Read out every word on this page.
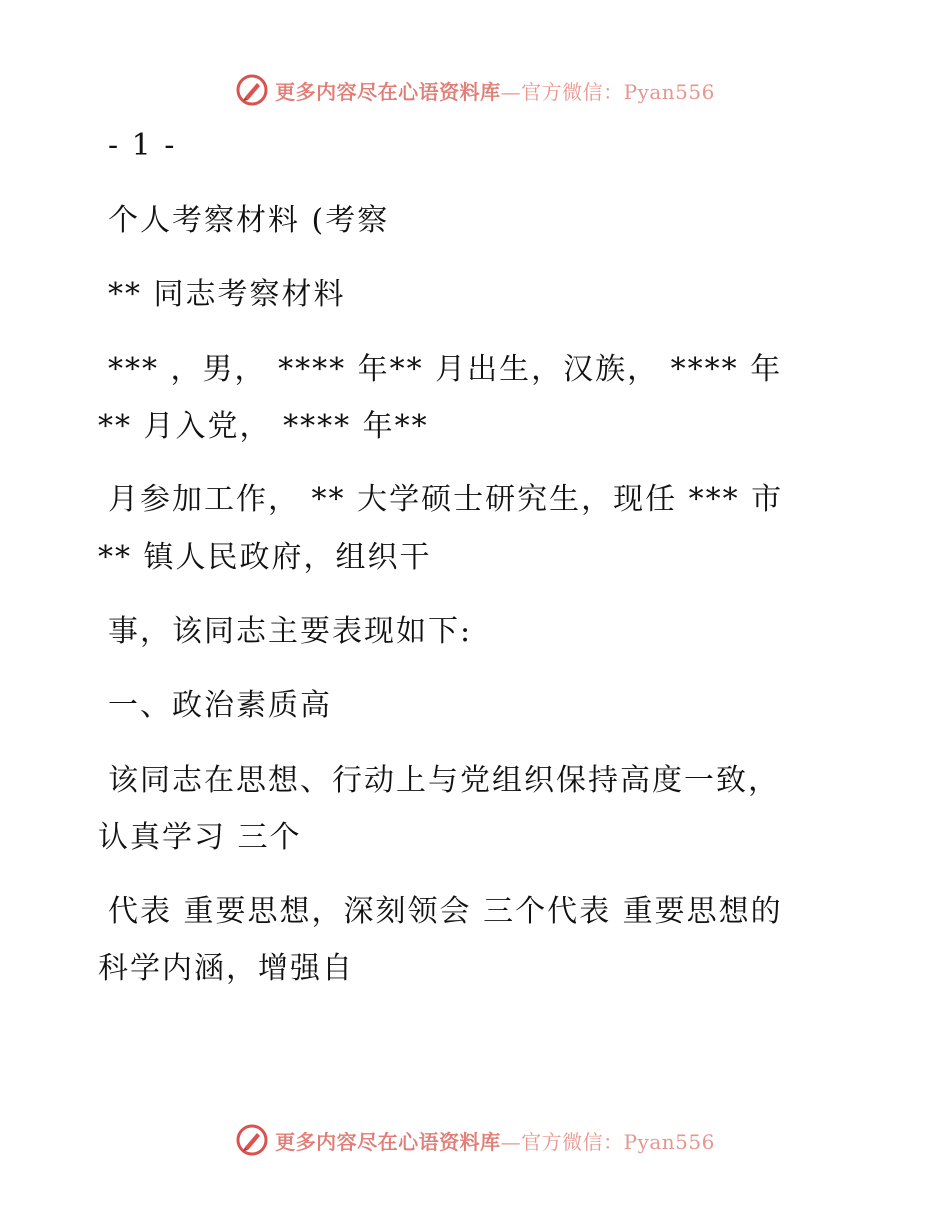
更多内容尽在心语资料库—官方微信：Pyan556
- 1 -
个人考察材料 (考察
** 同志考察材料
*** ，男， **** 年** 月出生，汉族， **** 年
** 月入党， **** 年**
月参加工作， ** 大学硕士研究生，现任 *** 市
** 镇人民政府，组织干
事，该同志主要表现如下:
一、政治素质高
该同志在思想、行动上与党组织保持高度一致，
认真学习 三个
代表 重要思想，深刻领会 三个代表 重要思想的
科学内涵，增强自
更多内容尽在心语资料库—官方微信：Pyan556
